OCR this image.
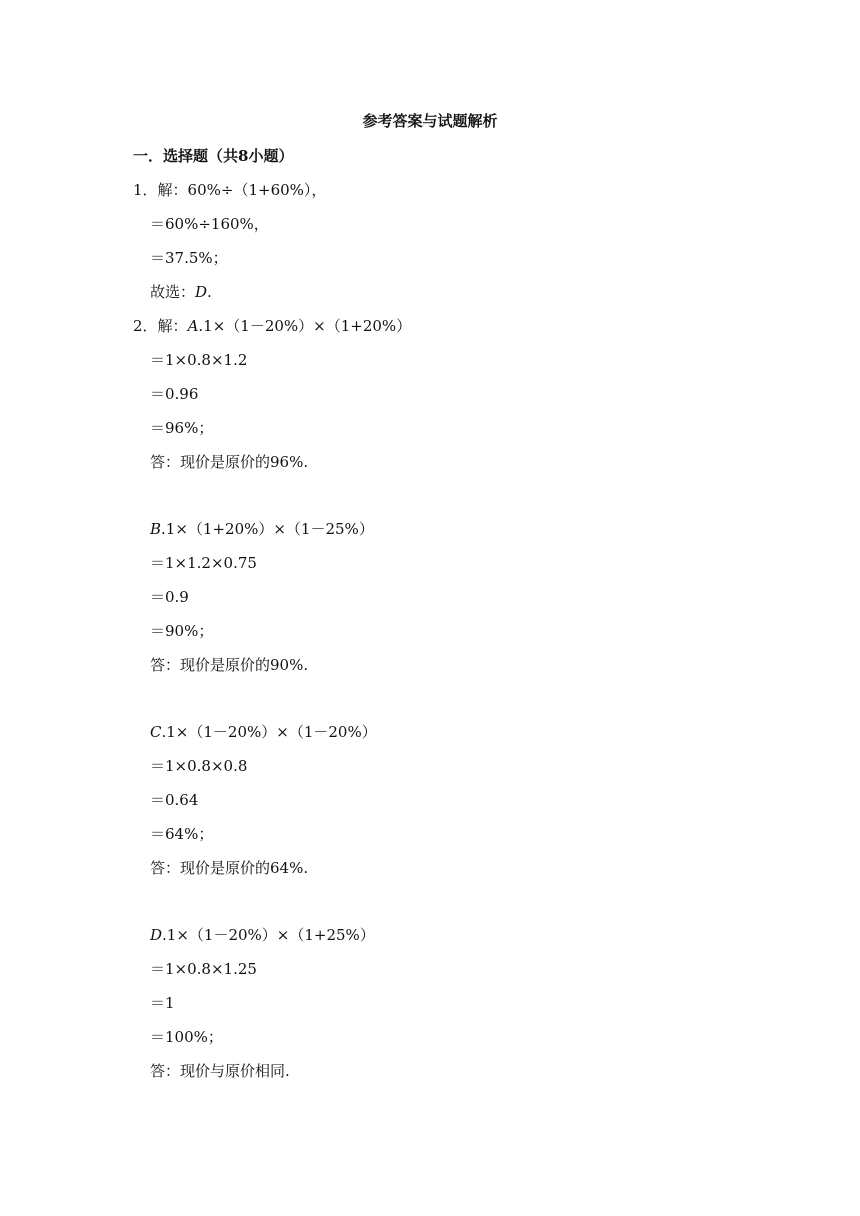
参考答案与试题解析
一．选择题（共8小题）
1．解：60%÷（1+60%），
＝60%÷160%，
＝37.5%；
故选：D.
2．解：A.1×（1－20%）×（1+20%）
＝1×0.8×1.2
＝0.96
＝96%；
答：现价是原价的96%.
B.1×（1+20%）×（1－25%）
＝1×1.2×0.75
＝0.9
＝90%；
答：现价是原价的90%.
C.1×（1－20%）×（1－20%）
＝1×0.8×0.8
＝0.64
＝64%；
答：现价是原价的64%.
D.1×（1－20%）×（1+25%）
＝1×0.8×1.25
＝1
＝100%；
答：现价与原价相同.
